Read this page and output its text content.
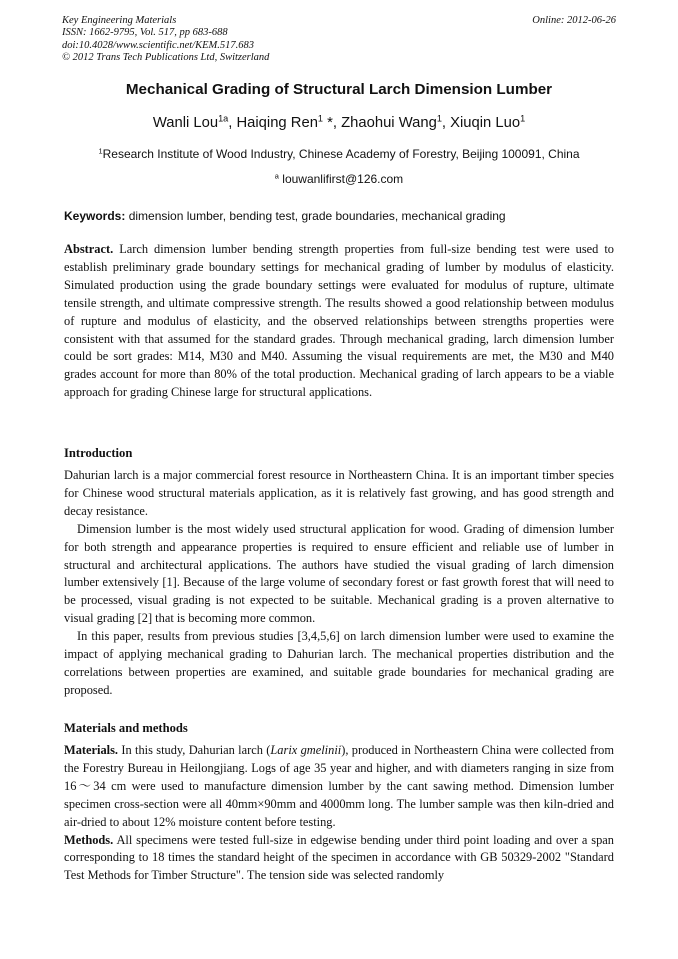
Key Engineering Materials
ISSN: 1662-9795, Vol. 517, pp 683-688
doi:10.4028/www.scientific.net/KEM.517.683
© 2012 Trans Tech Publications Ltd, Switzerland
Online: 2012-06-26
Mechanical Grading of Structural Larch Dimension Lumber
Wanli Lou$^{1a}$, Haiqing Ren$^1$ *, Zhaohui Wang$^1$, Xiuqin Luo$^1$
$^1$Research Institute of Wood Industry, Chinese Academy of Forestry, Beijing 100091, China
$^a$ louwanlifirst@126.com
Keywords: dimension lumber, bending test, grade boundaries, mechanical grading

Abstract. Larch dimension lumber bending strength properties from full-size bending test were used to establish preliminary grade boundary settings for mechanical grading of lumber by modulus of elasticity. Simulated production using the grade boundary settings were evaluated for modulus of rupture, ultimate tensile strength, and ultimate compressive strength. The results showed a good relationship between modulus of rupture and modulus of elasticity, and the observed relationships between strengths properties were consistent with that assumed for the standard grades. Through mechanical grading, larch dimension lumber could be sort grades: M14, M30 and M40. Assuming the visual requirements are met, the M30 and M40 grades account for more than 80% of the total production. Mechanical grading of larch appears to be a viable approach for grading Chinese large for structural applications.

Introduction

Dahurian larch is a major commercial forest resource in Northeastern China. It is an important timber species for Chinese wood structural materials application, as it is relatively fast growing, and has good strength and decay resistance.

Dimension lumber is the most widely used structural application for wood. Grading of dimension lumber for both strength and appearance properties is required to ensure efficient and reliable use of lumber in structural and architectural applications. The authors have studied the visual grading of larch dimension lumber extensively [1]. Because of the large volume of secondary forest or fast growth forest that will need to be processed, visual grading is not expected to be suitable. Mechanical grading is a proven alternative to visual grading [2] that is becoming more common.

In this paper, results from previous studies [3,4,5,6] on larch dimension lumber were used to examine the impact of applying mechanical grading to Dahurian larch. The mechanical properties distribution and the correlations between properties are examined, and suitable grade boundaries for mechanical grading are proposed.

Materials and methods

Materials. In this study, Dahurian larch (Larix gmelinii), produced in Northeastern China were collected from the Forestry Bureau in Heilongjiang. Logs of age 35 year and higher, and with diameters ranging in size from 16～34 cm were used to manufacture dimension lumber by the cant sawing method. Dimension lumber specimen cross-section were all 40mm×90mm and 4000mm long. The lumber sample was then kiln-dried and air-dried to about 12% moisture content before testing.

Methods. All specimens were tested full-size in edgewise bending under third point loading and over a span corresponding to 18 times the standard height of the specimen in accordance with GB 50329-2002 "Standard Test Methods for Timber Structure". The tension side was selected randomly
